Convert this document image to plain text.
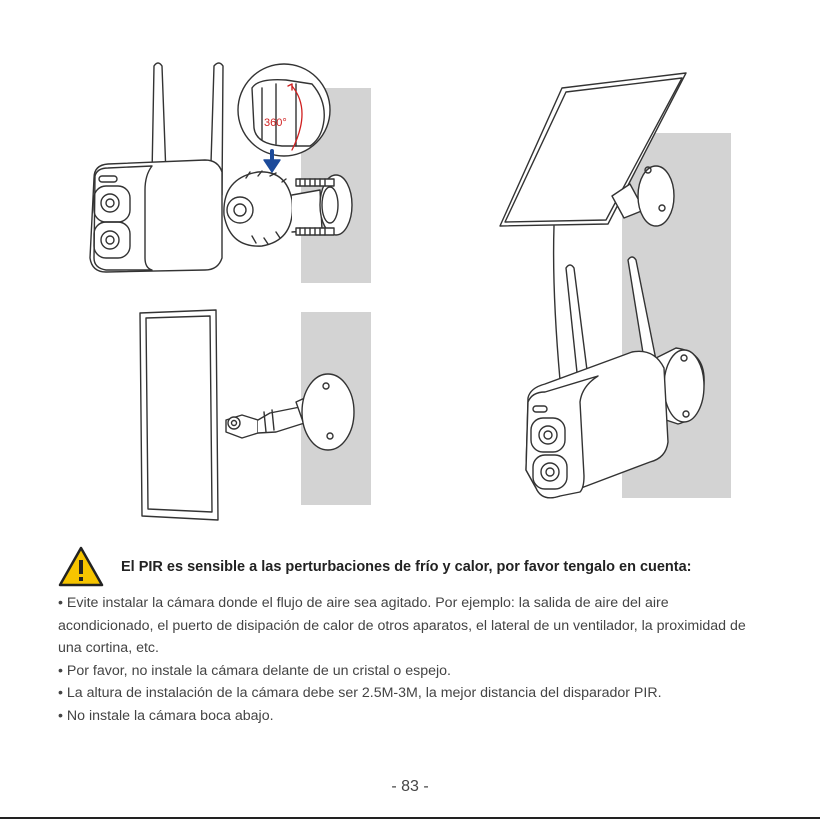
360°
El PIR es sensible a las perturbaciones de frío y calor, por favor tengalo en cuenta:

• Evite instalar la cámara donde el flujo de aire sea agitado. Por ejemplo: la salida de aire del aire acondicionado, el puerto de disipación de calor de otros aparatos, el lateral de un ventilador, la proximidad de una cortina, etc.

• Por favor, no instale la cámara delante de un cristal o espejo.

• La altura de instalación de la cámara debe ser 2.5M-3M, la mejor distancia del disparador PIR.

• No instale la cámara boca abajo.

- 83 -
